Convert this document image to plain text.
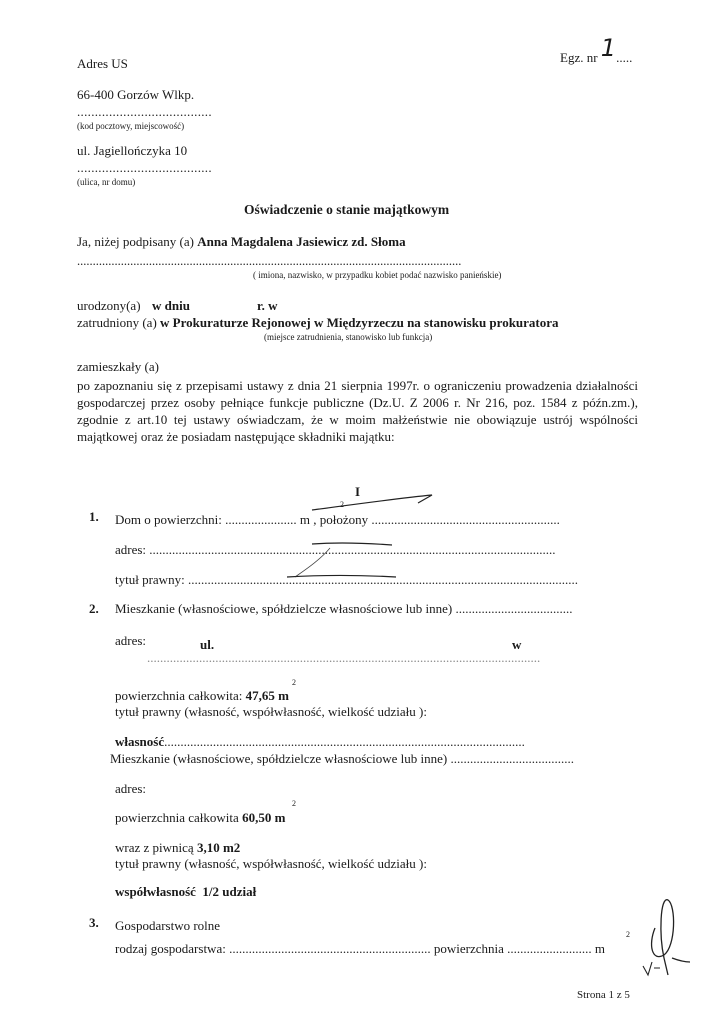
Egz. nr 1.....
Adres US
66-400 Gorzów Wlkp.
......................................
(kod pocztowy, miejscowość)
ul. Jagiellończyka 10
......................................
(ulica, nr domu)
Oświadczenie o stanie majątkowym
Ja, niżej podpisany (a) Anna Magdalena Jasiewicz zd. Słoma
...........................................................................................................................
( imiona, nazwisko, w przypadku kobiet podać nazwisko panieńskie)
urodzony(a) w dniu	r. w
zatrudniony (a) w Prokuraturze Rejonowej w Międzyrzeczu na stanowisku prokuratora
(miejsce zatrudnienia, stanowisko lub funkcja)
zamieszkały (a)
po zapoznaniu się z przepisami ustawy z dnia 21 sierpnia 1997r. o ograniczeniu prowadzenia działalności gospodarczej przez osoby pełniące funkcje publiczne (Dz.U. Z 2006 r. Nr 216, poz. 1584 z późn.zm.), zgodnie z art.10 tej ustawy oświadczam, że w moim małżeństwie nie obowiązuje ustrój wspólności majątkowej oraz że posiadam następujące składniki majątku:
I
1. Dom o powierzchni: ...................... m , położony ..........................................................
2
adres: .............................................................................................................................
tytuł prawny: ........................................................................................................................
2. Mieszkanie (własnościowe, spółdzielcze własnościowe lub inne) ....................................
adres:	ul.	w
.........................................................................................................................
powierzchnia całkowita: 47,65 m
2
tytuł prawny (własność, współwłasność, wielkość udziału ):
własność...............................................................................................................
Mieszkanie (własnościowe, spółdzielcze własnościowe lub inne) ......................................
adres:
powierzchnia całkowita 60,50 m
2
wraz z piwnicą 3,10 m2
tytuł prawny (własność, współwłasność, wielkość udziału ):
współwłasność 1/2 udział
3. Gospodarstwo rolne
rodzaj gospodarstwa: .............................................................. powierzchnia .......................... m
2
Strona 1 z 5
